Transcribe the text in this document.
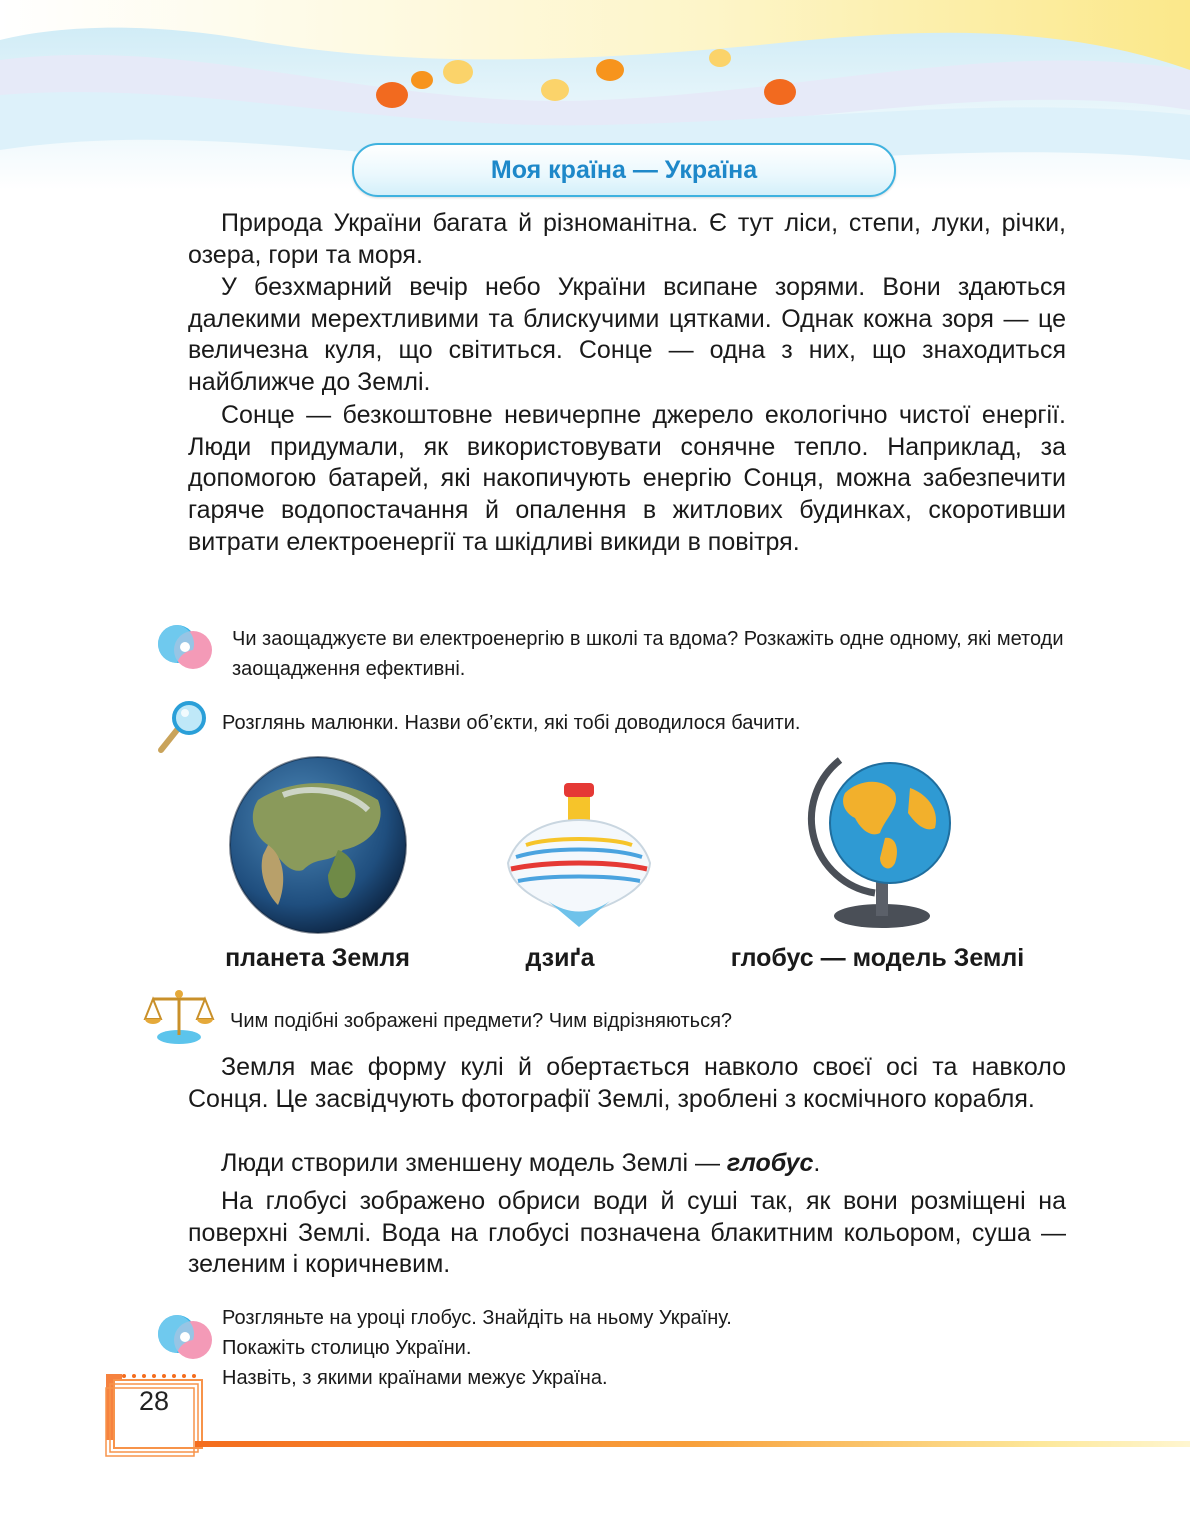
Моя країна — Україна

Природа України багата й різноманітна. Є тут ліси, степи, луки, річки, озера, гори та моря.

У безхмарний вечір небо України всипане зорями. Вони здаються далекими мерехтливими та блискучими цятками. Однак кожна зоря — це величезна куля, що світиться. Сонце — одна з них, що знаходиться найближче до Землі.

Сонце — безкоштовне невичерпне джерело екологічно чистої енергії. Люди придумали, як використовувати сонячне тепло. Наприклад, за допомогою батарей, які накопичують енергію Сонця, можна забезпечити гаряче водопостачання й опалення в житлових будинках, скоротивши витрати електроенергії та шкідливі викиди в повітря.

Чи заощаджуєте ви електроенергію в школі та вдома? Розкажіть одне одному, які методи заощадження ефективні.

Розглянь малюнки. Назви об’єкти, які тобі доводилося бачити.

планета Земля	дзиґа	глобус — модель Землі

Чим подібні зображені предмети? Чим відрізняються?

Земля має форму кулі й обертається навколо своєї осі та навколо Сонця. Це засвідчують фотографії Землі, зроблені з космічного корабля.

Люди створили зменшену модель Землі — глобус.

На глобусі зображено обриси води й суші так, як вони розміщені на поверхні Землі. Вода на глобусі позначена блакитним кольором, суша — зеленим і коричневим.

Розгляньте на уроці глобус. Знайдіть на ньому Україну.
Покажіть столицю України.
Назвіть, з якими країнами межує Україна.
28
